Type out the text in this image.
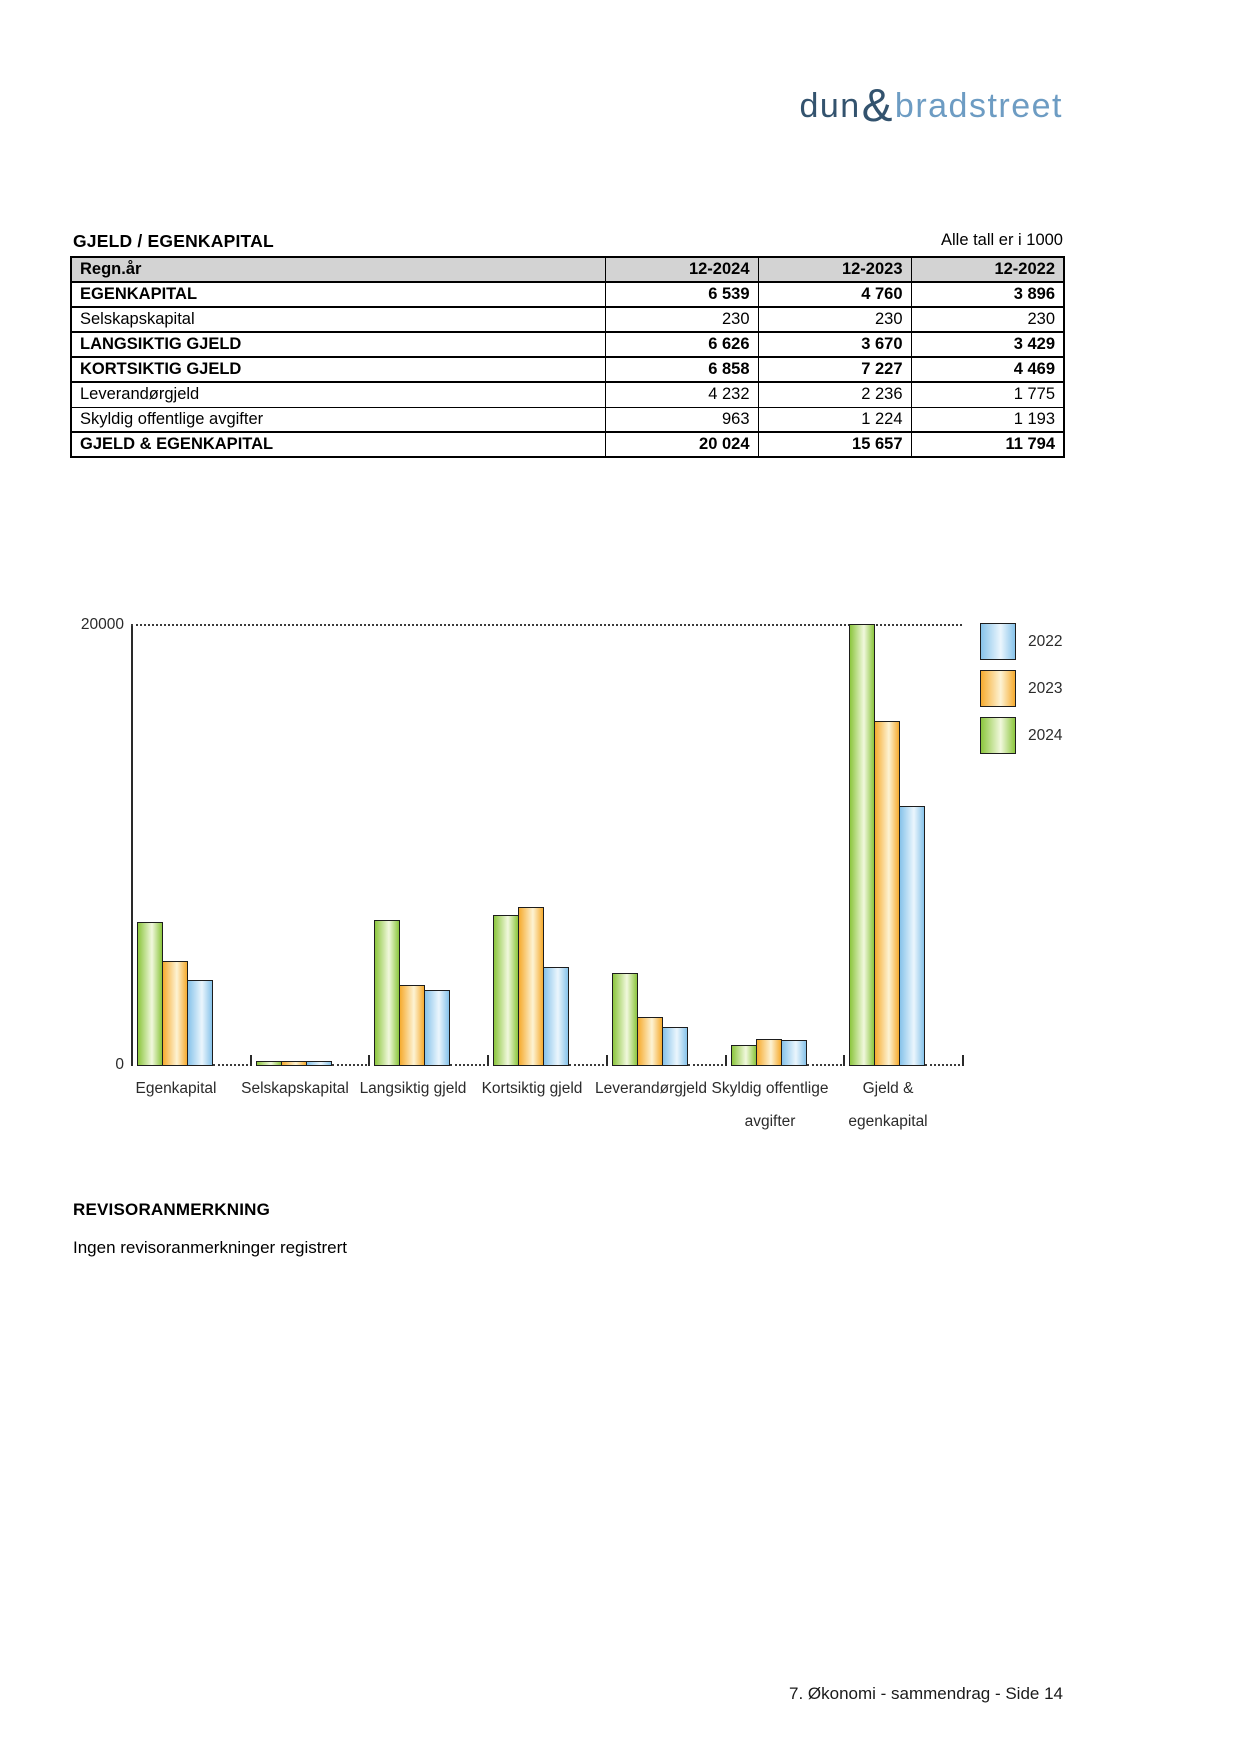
dun&bradstreet
GJELD / EGENKAPITAL	Alle tall er i 1000
Regn.år	12-2024	12-2023	12-2022
EGENKAPITAL	6 539	4 760	3 896
Selskapskapital	230	230	230
LANGSIKTIG GJELD	6 626	3 670	3 429
KORTSIKTIG GJELD	6 858	7 227	4 469
Leverandørgjeld	4 232	2 236	1 775
Skyldig offentlige avgifter	963	1 224	1 193
GJELD & EGENKAPITAL	20 024	15 657	11 794
20000
0
Egenkapital	Selskapskapital Langsiktig gjeld Kortsiktig gjeld Leverandørgjeld Skyldig offentlige
avgifter
Gjeld &
egenkapital
2022
2023
2024
REVISORANMERKNING
Ingen revisoranmerkninger registrert
7. Økonomi - sammendrag - Side 14
